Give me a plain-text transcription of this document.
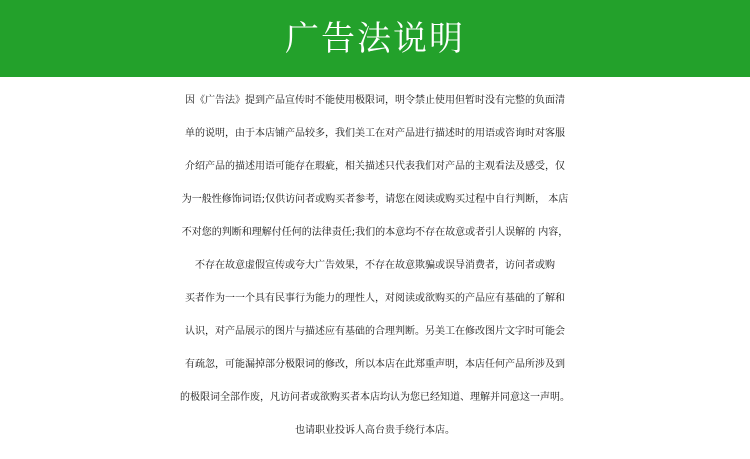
广告法说明
因《广告法》提到产品宣传时不能使用极限词，明令禁止使用但暂时没有完整的负面清
单的说明，由于本店铺产品较多，我们美工在对产品进行描述时的用语或咨询时对客服
介绍产品的描述用语可能存在瑕疵，相关描述只代表我们对产品的主观看法及感受，仅
为一般性修饰词语;仅供访问者或购买者参考，请您在阅读或购买过程中自行判断， 本店
不对您的判断和理解付任何的法律责任;我们的本意均不存在故意或者引人误解的 内容，
不存在故意虚假宣传或夸大广告效果，不存在故意欺骗或误导消费者，访问者或购
买者作为一一个具有民事行为能力的理性人，对阅读或欲购买的产品应有基础的了解和
认识，对产品展示的图片与描述应有基础的合理判断。另美工在修改图片文字时可能会
有疏忽，可能漏掉部分极限词的修改，所以本店在此郑重声明，本店任何产品所涉及到
的极限词全部作废，凡访问者或欲购买者本店均认为您已经知道、理解并同意这一声明。
也请职业投诉人高台贵手绕行本店。
